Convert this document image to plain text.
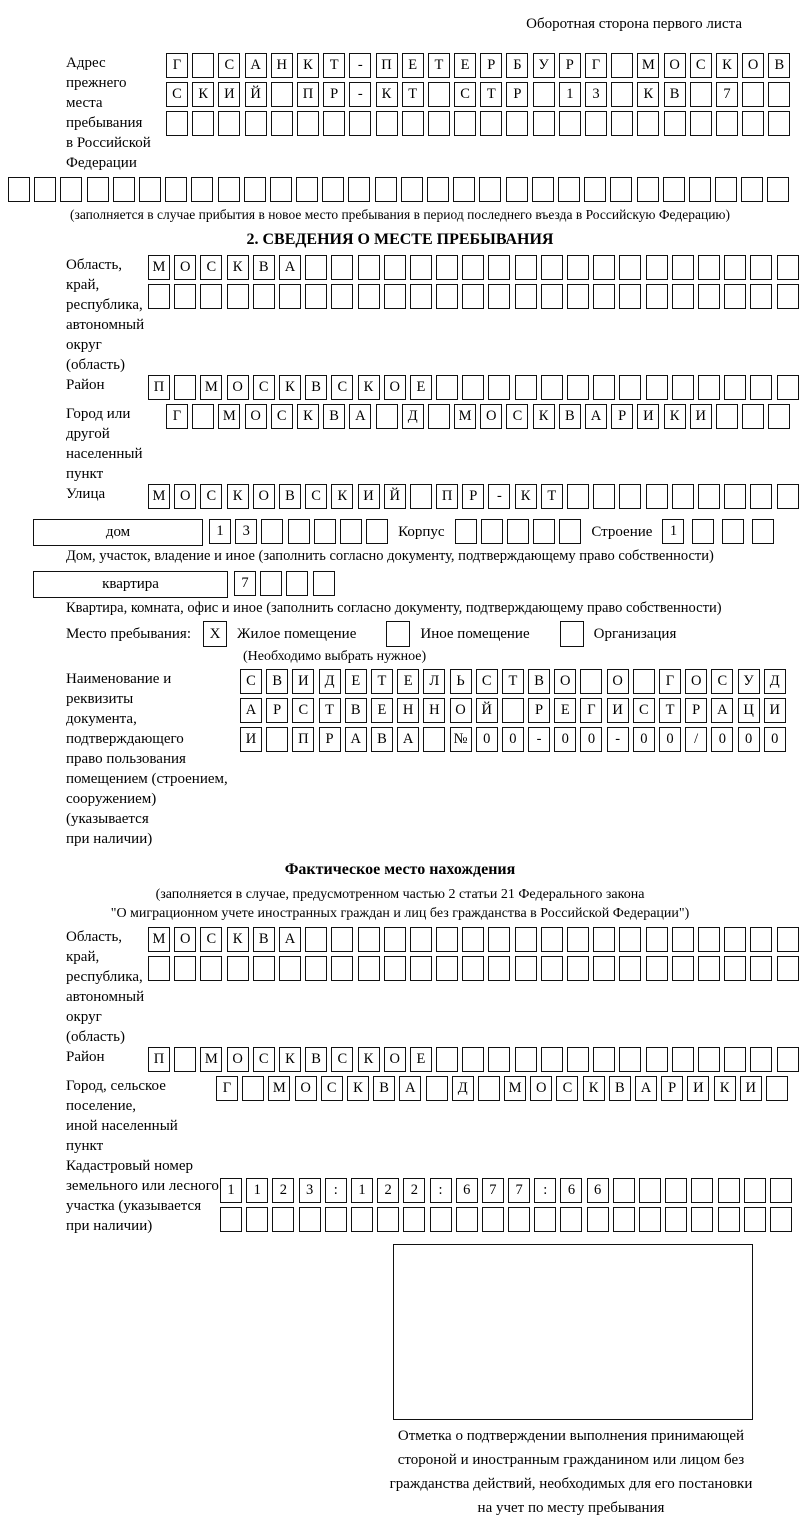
Оборотная сторона первого листа
Адрес прежнего
места пребывания
в Российской
Федерации
Г	С	А	Н	К	Т	-	П	Е	Т	Е	Р	Б	У	Р	Г	М О	С	К	О	В
С	К	И	Й	П	Р	-	К	Т	С	Т	Р	1	3	К	В	7
(заполняется в случае прибытия в новое место пребывания в период последнего въезда в Российскую Федерацию)
2. СВЕДЕНИЯ О МЕСТЕ ПРЕБЫВАНИЯ
Область, край,
республика,
автономный
округ (область)
М О	С	К	В	А
Район	П	М О	С	К	В	С	К	О	Е
Город или другой
населенный пункт
Г	М О	С	К	В	А	Д	М О	С	К	В	А	Р	И	К	И
Улица	М О	С	К	О	В	С	К	И	Й	П	Р	-	К	Т
дом	1	3	Корпус	Строение	1
Дом, участок, владение и иное (заполнить согласно документу, подтверждающему право собственности)
квартира	7
Квартира, комната, офис и иное (заполнить согласно документу, подтверждающему право собственности)
Место пребывания:	X	Жилое помещение	Иное помещение	Организация
(Необходимо выбрать нужное)
Наименование и реквизиты
документа, подтверждающего
право пользования
помещением (строением,
сооружением) (указывается
при наличии)
С	В	И	Д	Е	Т	Е	Л	Ь	С	Т	В	О	О	Г	О	С	У	Д
А	Р	С	Т	В	Е	Н	Н	О	Й	Р	Е	Г	И	С	Т	Р	А	Ц	И
И	П	Р	А	В	А	№	0	0	-	0	0	-	0	0	/	0	0	0
Фактическое место нахождения
(заполняется в случае, предусмотренном частью 2 статьи 21 Федерального закона
"О миграционном учете иностранных граждан и лиц без гражданства в Российской Федерации")
Область, край,
республика,
автономный округ
(область)
М О	С	К	В	А
Район	П	М О	С	К	В	С	К	О	Е
Город, сельское поселение,
иной населенный пункт
Г	М О	С	К	В	А	Д	М О	С	К	В	А	Р	И	К	И
Кадастровый номер
земельного или лесного
участка (указывается
при наличии)
1	1	2	3	:	1	2	2	:	6	7	7	:	6	6
Отметка о подтверждении выполнения принимающей
стороной и иностранным гражданином или лицом без
гражданства действий, необходимых для его постановки
на учет по месту пребывания
